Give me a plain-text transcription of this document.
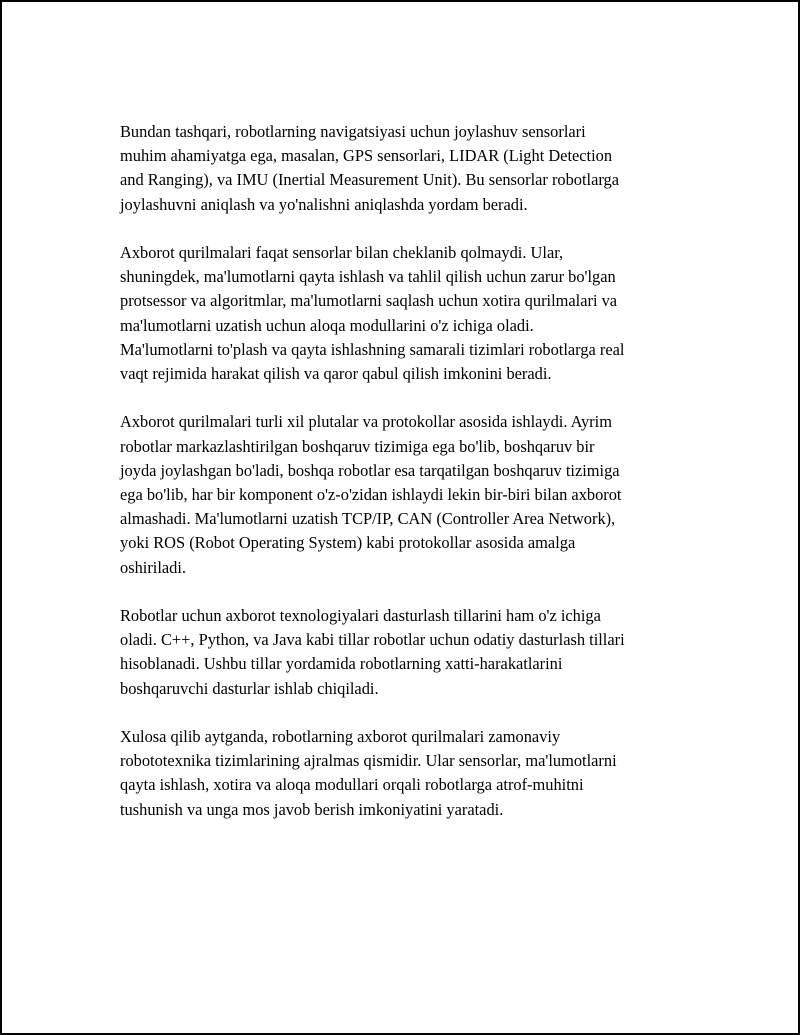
Bundan tashqari, robotlarning navigatsiyasi uchun joylashuv sensorlari
muhim ahamiyatga ega, masalan, GPS sensorlari, LIDAR (Light Detection
and Ranging), va IMU (Inertial Measurement Unit). Bu sensorlar robotlarga
joylashuvni aniqlash va yo'nalishni aniqlashda yordam beradi.

Axborot qurilmalari faqat sensorlar bilan cheklanib qolmaydi. Ular,
shuningdek, ma'lumotlarni qayta ishlash va tahlil qilish uchun zarur bo'lgan
protsessor va algoritmlar, ma'lumotlarni saqlash uchun xotira qurilmalari va
ma'lumotlarni uzatish uchun aloqa modullarini o'z ichiga oladi.
Ma'lumotlarni to'plash va qayta ishlashning samarali tizimlari robotlarga real
vaqt rejimida harakat qilish va qaror qabul qilish imkonini beradi.

Axborot qurilmalari turli xil plutalar va protokollar asosida ishlaydi. Ayrim
robotlar markazlashtirilgan boshqaruv tizimiga ega bo'lib, boshqaruv bir
joyda joylashgan bo'ladi, boshqa robotlar esa tarqatilgan boshqaruv tizimiga
ega bo'lib, har bir komponent o'z-o'zidan ishlaydi lekin bir-biri bilan axborot
almashadi. Ma'lumotlarni uzatish TCP/IP, CAN (Controller Area Network),
yoki ROS (Robot Operating System) kabi protokollar asosida amalga
oshiriladi.

Robotlar uchun axborot texnologiyalari dasturlash tillarini ham o'z ichiga
oladi. C++, Python, va Java kabi tillar robotlar uchun odatiy dasturlash tillari
hisoblanadi. Ushbu tillar yordamida robotlarning xatti-harakatlarini
boshqaruvchi dasturlar ishlab chiqiladi.

Xulosa qilib aytganda, robotlarning axborot qurilmalari zamonaviy
robototexnika tizimlarining ajralmas qismidir. Ular sensorlar, ma'lumotlarni
qayta ishlash, xotira va aloqa modullari orqali robotlarga atrof-muhitni
tushunish va unga mos javob berish imkoniyatini yaratadi.
